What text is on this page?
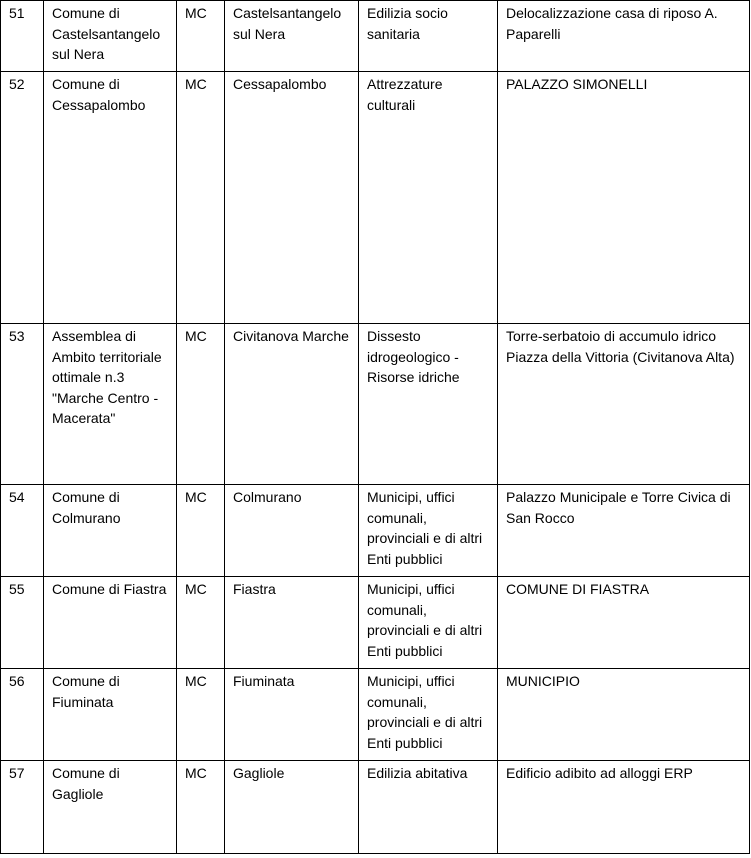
51	Comune di Castelsantangelo sul Nera	MC	Castelsantangelo sul Nera	Edilizia socio sanitaria	Delocalizzazione casa di riposo A. Paparelli
52	Comune di Cessapalombo	MC	Cessapalombo	Attrezzature culturali	PALAZZO SIMONELLI
53	Assemblea di Ambito territoriale ottimale n.3 "Marche Centro - Macerata"	MC	Civitanova Marche	Dissesto idrogeologico - Risorse idriche	Torre-serbatoio di accumulo idrico Piazza della Vittoria (Civitanova Alta)
54	Comune di Colmurano	MC	Colmurano	Municipi, uffici comunali, provinciali e di altri Enti pubblici	Palazzo Municipale e Torre Civica di San Rocco
55	Comune di Fiastra	MC	Fiastra	Municipi, uffici comunali, provinciali e di altri Enti pubblici	COMUNE DI FIASTRA
56	Comune di Fiuminata	MC	Fiuminata	Municipi, uffici comunali, provinciali e di altri Enti pubblici	MUNICIPIO
57	Comune di Gagliole	MC	Gagliole	Edilizia abitativa	Edificio adibito ad alloggi ERP
